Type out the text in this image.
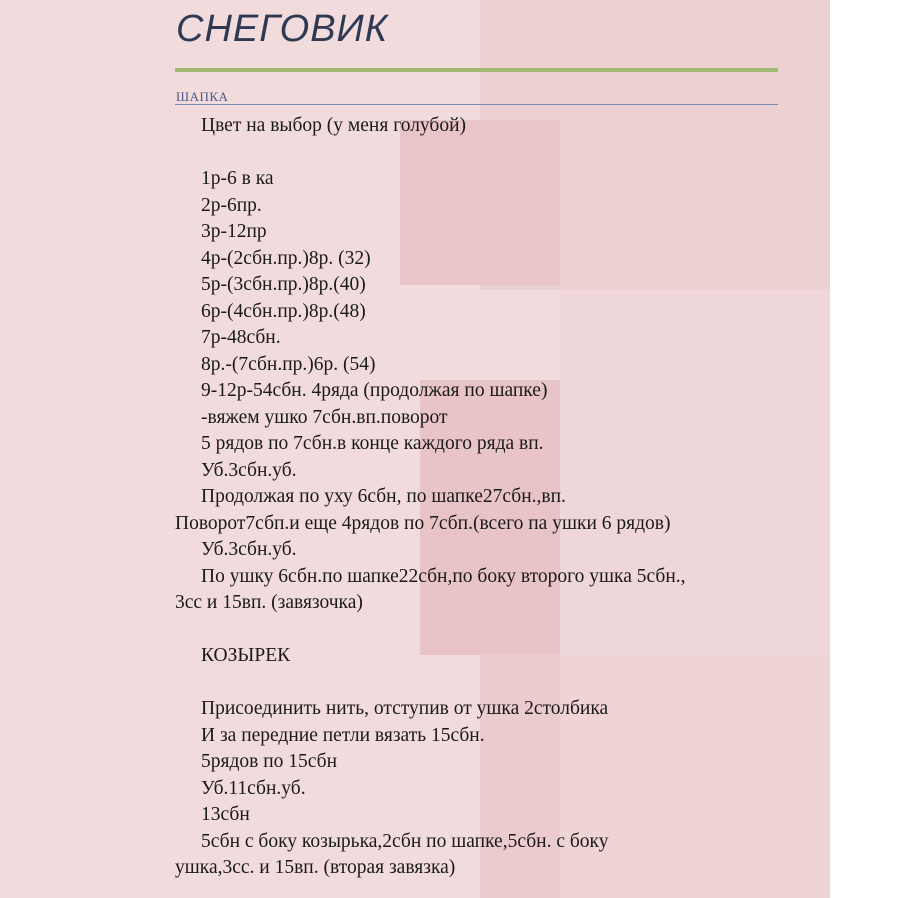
СНЕГОВИК
ШАПКА
Цвет на выбор (у меня голубой)
1р-6 в ка
2р-6пр.
3р-12пр
4р-(2сбн.пр.)8р. (32)
5р-(3сбн.пр.)8р.(40)
6р-(4сбн.пр.)8р.(48)
7р-48сбн.
8р.-(7сбн.пр.)6р. (54)
9-12р-54сбн. 4ряда (продолжая по шапке)
-вяжем ушко 7сбн.вп.поворот
5 рядов по 7сбн.в конце каждого ряда вп.
Уб.3сбн.уб.
Продолжая по уху 6сбн, по шапке27сбн.,вп.
Поворот7сбп.и еще 4рядов по 7сбп.(всего па ушки 6 рядов)
Уб.3сбн.уб.
По ушку 6сбн.по шапке22сбн,по боку второго ушка 5сбн.,
3сс и 15вп. (завязочка)
КОЗЫРЕК
Присоединить нить, отступив от ушка 2столбика
И за передние петли вязать 15сбн.
5рядов по 15сбн
Уб.11сбн.уб.
13сбн
5сбн с боку козырька,2сбн по шапке,5сбн. с боку
ушка,3сс. и 15вп. (вторая завязка)
